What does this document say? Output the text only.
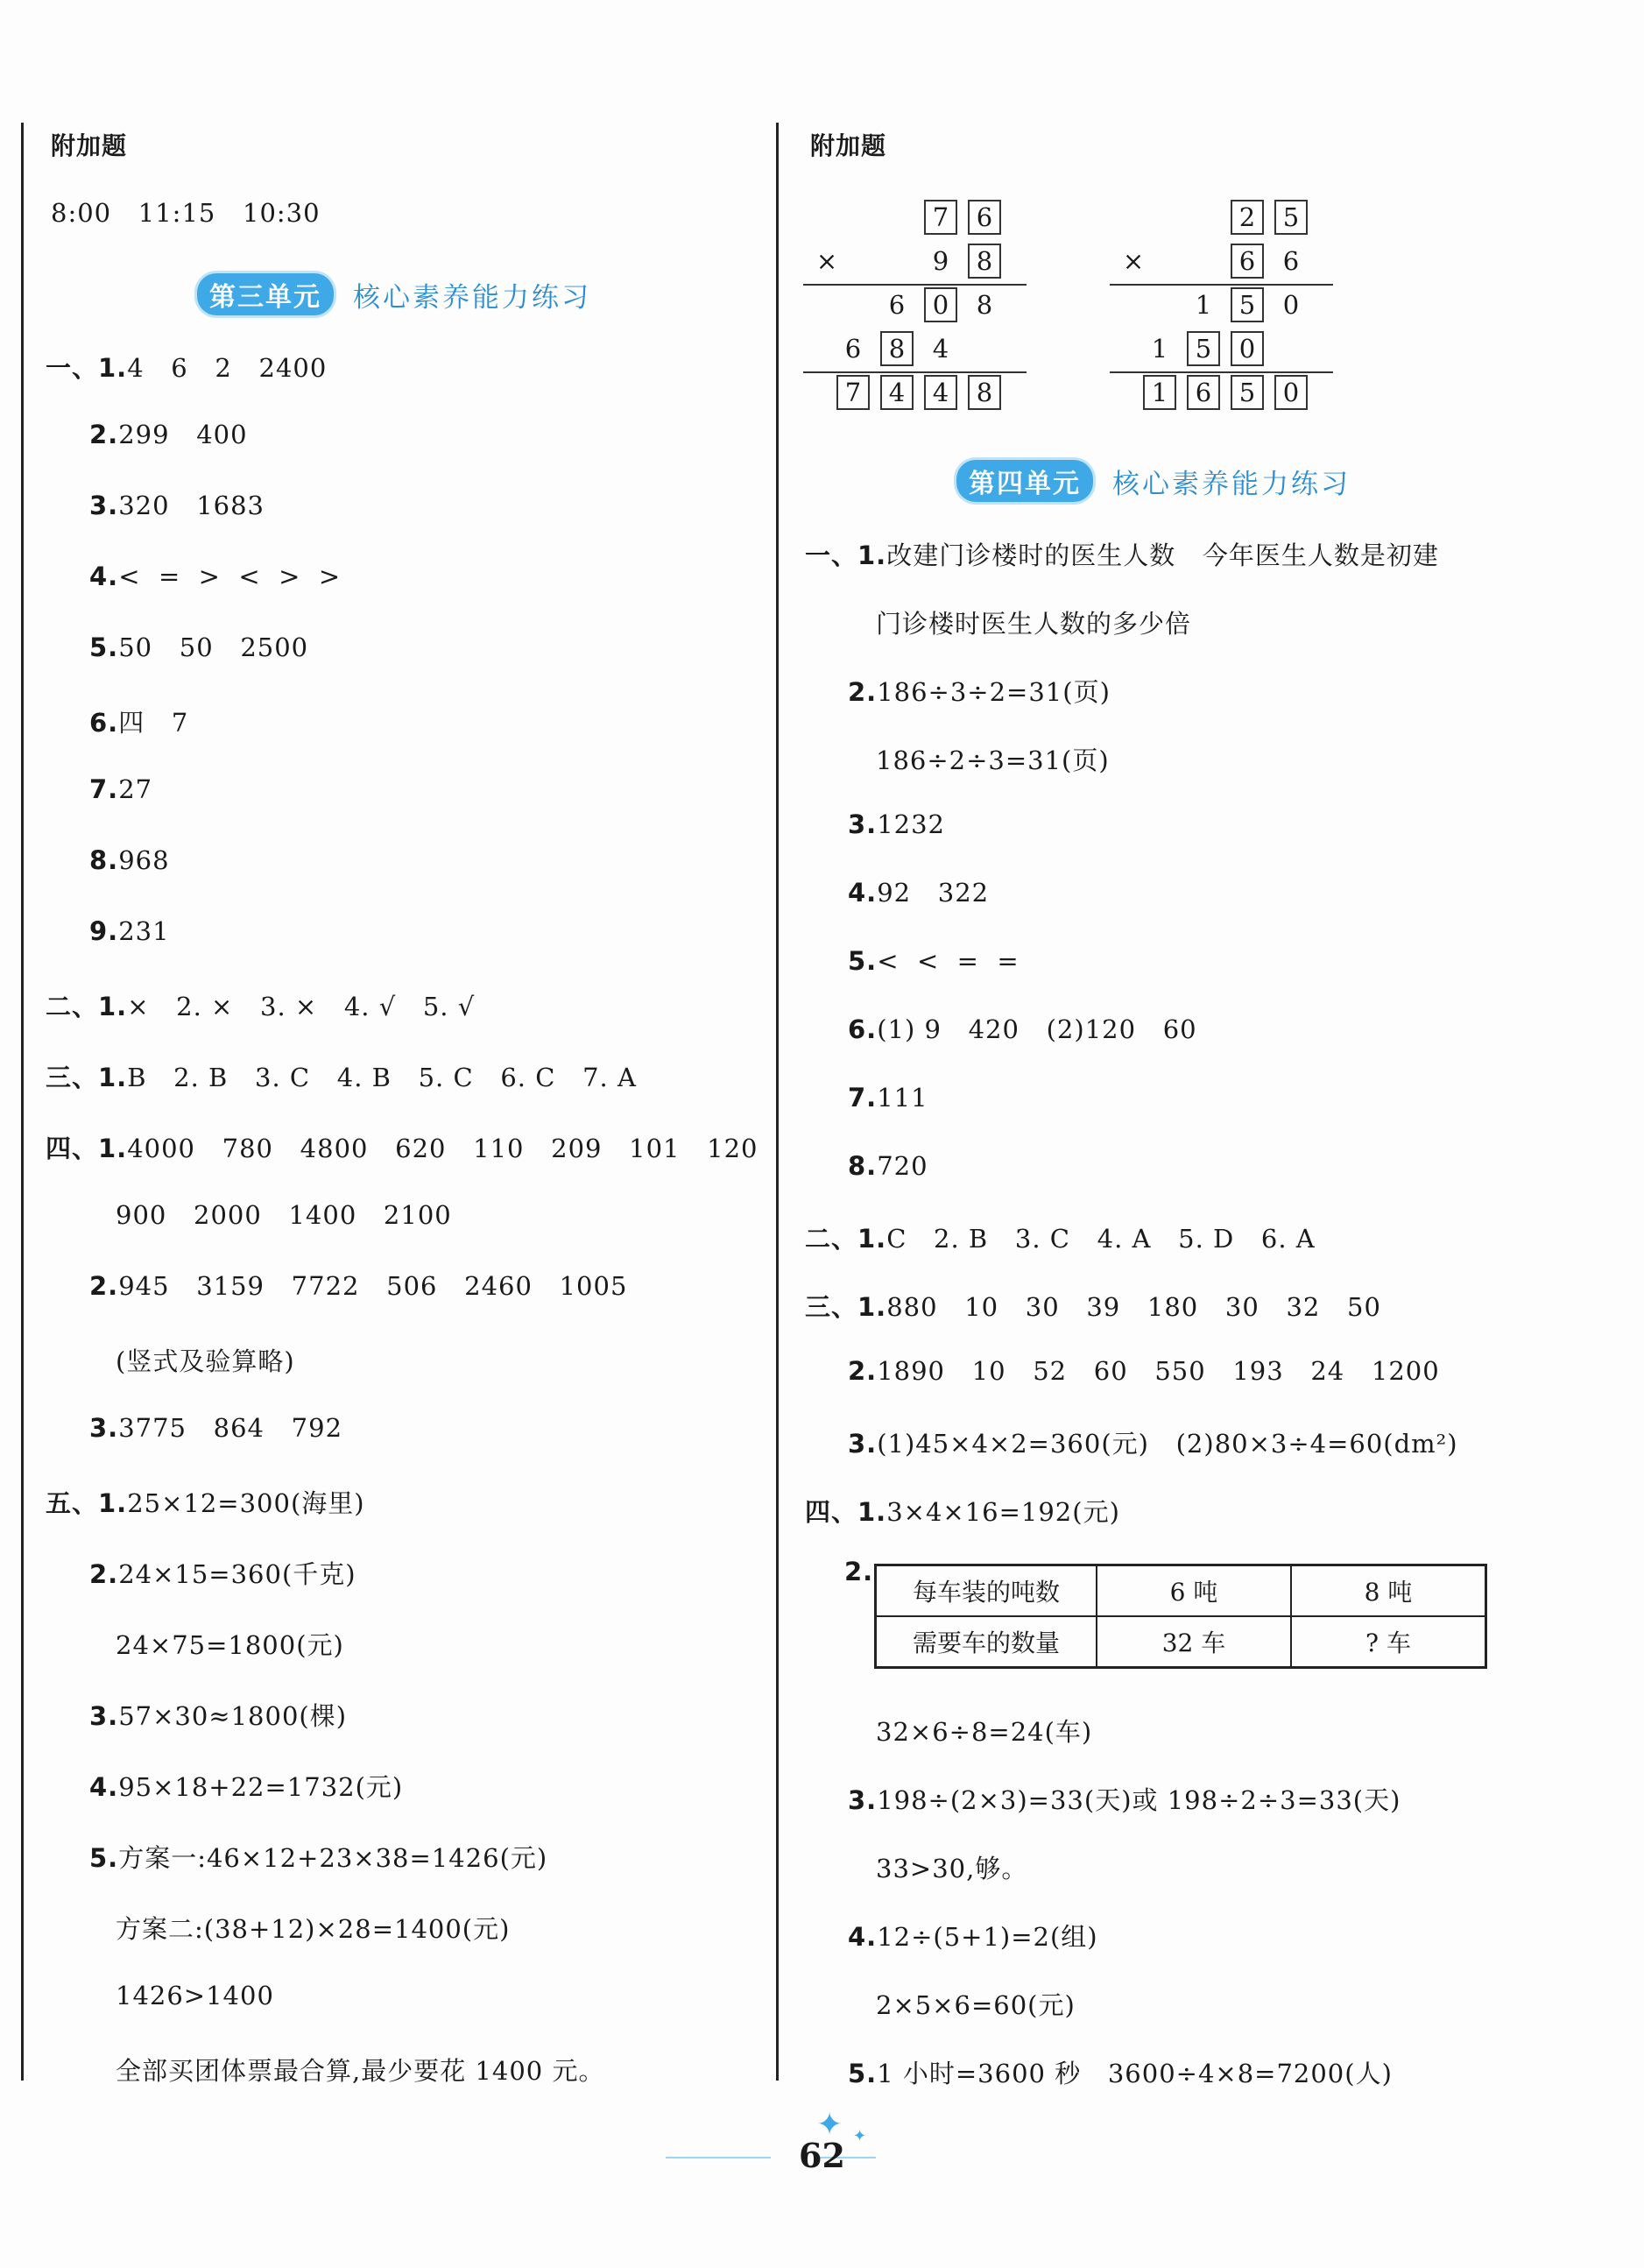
附加题
8:00   11:15   10:30
第三单元	核心素养能力练习
一、1.4   6   2   2400
2.299   400
3.320   1683
4.<  =  >  <  >  >
5.50   50   2500
6.四   7
7.27
8.968
9.231
二、1.×   2. ×   3. ×   4. √   5. √
三、1.B   2. B   3. C   4. B   5. C   6. C   7. A
四、1.4000   780   4800   620   110   209   101   120
900   2000   1400   2100
2.945   3159   7722   506   2460   1005
(竖式及验算略)
3.3775   864   792
五、1.25×12=300(海里)
2.24×15=360(千克)
24×75=1800(元)
3.57×30≈1800(棵)
4.95×18+22=1732(元)
5.方案一:46×12+23×38=1426(元)
方案二:(38+12)×28=1400(元)
1426>1400
全部买团体票最合算,最少要花 1400 元。
附加题
7	6
×	9	8
6	0	8
6	8	4
7	4	4	8
2	5
×	6	6
1	5	0
1	5	0
1	6	5	0
第四单元	核心素养能力练习
一、1.改建门诊楼时的医生人数   今年医生人数是初建
门诊楼时医生人数的多少倍
2.186÷3÷2=31(页)
186÷2÷3=31(页)
3.1232
4.92   322
5.<  <  =  =
6.(1) 9   420   (2)120   60
7.111
8.720
二、1.C   2. B   3. C   4. A   5. D   6. A
三、1.880   10   30   39   180   30   32   50
2.1890   10   52   60   550   193   24   1200
3.(1)45×4×2=360(元)   (2)80×3÷4=60(dm²)
四、1.3×4×16=192(元)
2.
每车装的吨数	6 吨	8 吨
需要车的数量	32 车	? 车
32×6÷8=24(车)
3.198÷(2×3)=33(天)或 198÷2÷3=33(天)
33>30,够。
4.12÷(5+1)=2(组)
2×5×6=60(元)
5.1 小时=3600 秒   3600÷4×8=7200(人)
✦ ✦
62
